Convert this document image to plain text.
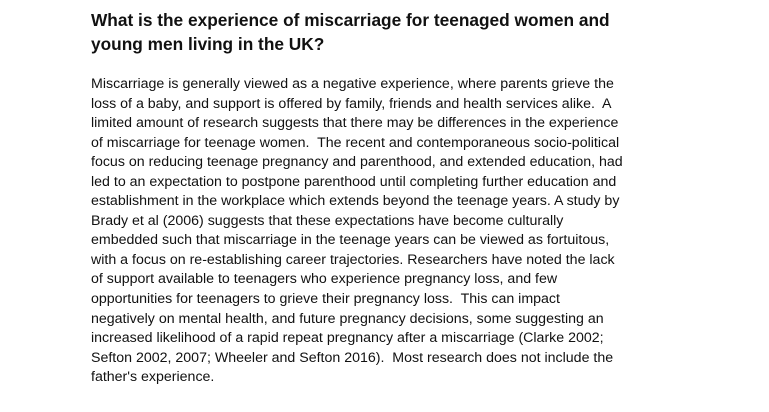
What is the experience of miscarriage for teenaged women and
young men living in the UK?

Miscarriage is generally viewed as a negative experience, where parents grieve the
loss of a baby, and support is offered by family, friends and health services alike.  A
limited amount of research suggests that there may be differences in the experience
of miscarriage for teenage women.  The recent and contemporaneous socio-political
focus on reducing teenage pregnancy and parenthood, and extended education, had
led to an expectation to postpone parenthood until completing further education and
establishment in the workplace which extends beyond the teenage years. A study by
Brady et al (2006) suggests that these expectations have become culturally
embedded such that miscarriage in the teenage years can be viewed as fortuitous,
with a focus on re-establishing career trajectories. Researchers have noted the lack
of support available to teenagers who experience pregnancy loss, and few
opportunities for teenagers to grieve their pregnancy loss.  This can impact
negatively on mental health, and future pregnancy decisions, some suggesting an
increased likelihood of a rapid repeat pregnancy after a miscarriage (Clarke 2002;
Sefton 2002, 2007; Wheeler and Sefton 2016).  Most research does not include the
father's experience.
